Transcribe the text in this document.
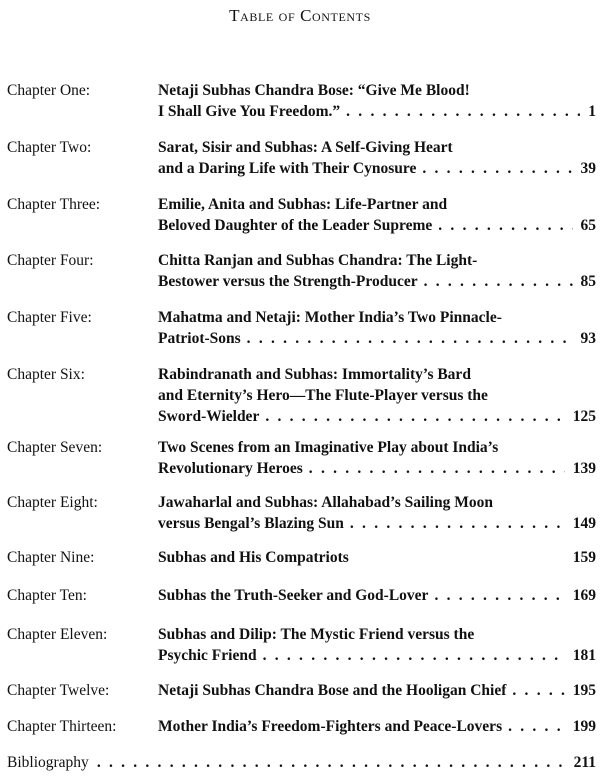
Table of Contents
Chapter One:	Netaji Subhas Chandra Bose: “Give Me Blood!
I Shall Give You Freedom.” . . .	1
Chapter Two:	Sarat, Sisir and Subhas: A Self-Giving Heart
and a Daring Life with Their Cynosure . . .	39
Chapter Three:	Emilie, Anita and Subhas: Life-Partner and
Beloved Daughter of the Leader Supreme . . .	65
Chapter Four:	Chitta Ranjan and Subhas Chandra: The Light-
Bestower versus the Strength-Producer . . .	85
Chapter Five:	Mahatma and Netaji: Mother India’s Two Pinnacle-
Patriot-Sons . . .	93
Chapter Six:	Rabindranath and Subhas: Immortality’s Bard
and Eternity’s Hero—The Flute-Player versus the
Sword-Wielder . . .	125
Chapter Seven:	Two Scenes from an Imaginative Play about India’s
Revolutionary Heroes . . .	139
Chapter Eight:	Jawaharlal and Subhas: Allahabad’s Sailing Moon
versus Bengal’s Blazing Sun . . .	149
Chapter Nine:	Subhas and His Compatriots	159
Chapter Ten:	Subhas the Truth-Seeker and God-Lover . . .	169
Chapter Eleven:	Subhas and Dilip: The Mystic Friend versus the
Psychic Friend . . .	181
Chapter Twelve:	Netaji Subhas Chandra Bose and the Hooligan Chief . . .	195
Chapter Thirteen:	Mother India’s Freedom-Fighters and Peace-Lovers . . .	199
Bibliography . . .	211
